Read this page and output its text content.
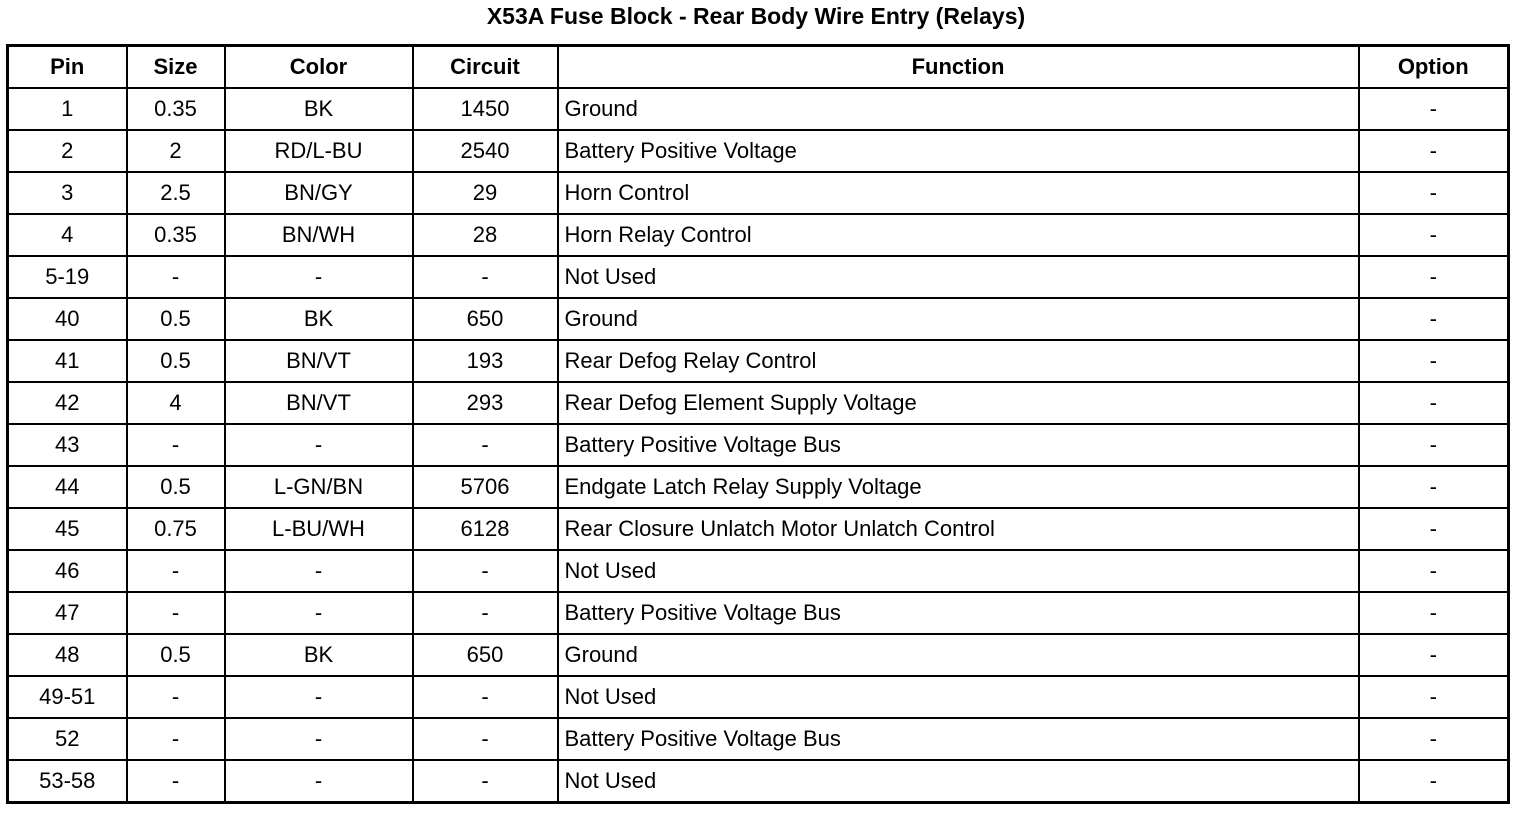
X53A Fuse Block - Rear Body Wire Entry (Relays)
Pin	Size	Color	Circuit	Function	Option
1	0.35	BK	1450	Ground	-
2	2	RD/L-BU	2540	Battery Positive Voltage	-
3	2.5	BN/GY	29	Horn Control	-
4	0.35	BN/WH	28	Horn Relay Control	-
5-19	-	-	-	Not Used	-
40	0.5	BK	650	Ground	-
41	0.5	BN/VT	193	Rear Defog Relay Control	-
42	4	BN/VT	293	Rear Defog Element Supply Voltage	-
43	-	-	-	Battery Positive Voltage Bus	-
44	0.5	L-GN/BN	5706	Endgate Latch Relay Supply Voltage	-
45	0.75	L-BU/WH	6128	Rear Closure Unlatch Motor Unlatch Control	-
46	-	-	-	Not Used	-
47	-	-	-	Battery Positive Voltage Bus	-
48	0.5	BK	650	Ground	-
49-51	-	-	-	Not Used	-
52	-	-	-	Battery Positive Voltage Bus	-
53-58	-	-	-	Not Used	-
